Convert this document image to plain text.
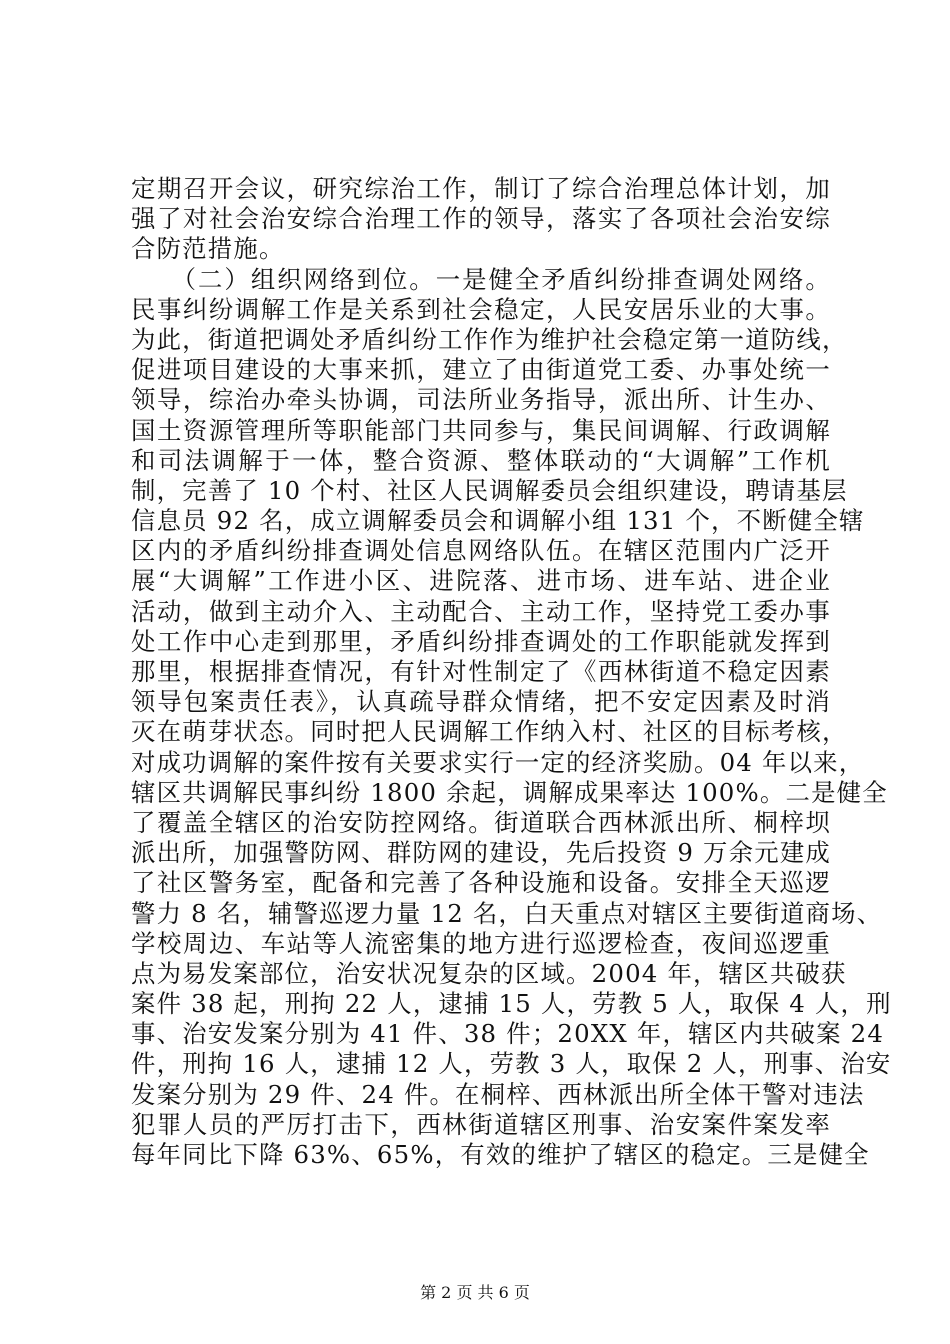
定期召开会议，研究综治工作，制订了综合治理总体计划，加
强了对社会治安综合治理工作的领导，落实了各项社会治安综
合防范措施。
　　（二）组织网络到位。一是健全矛盾纠纷排查调处网络。
民事纠纷调解工作是关系到社会稳定，人民安居乐业的大事。
为此，街道把调处矛盾纠纷工作作为维护社会稳定第一道防线，
促进项目建设的大事来抓，建立了由街道党工委、办事处统一
领导，综治办牵头协调，司法所业务指导，派出所、计生办、
国土资源管理所等职能部门共同参与，集民间调解、行政调解
和司法调解于一体，整合资源、整体联动的“大调解”工作机
制，完善了 10 个村、社区人民调解委员会组织建设，聘请基层
信息员 92 名，成立调解委员会和调解小组 131 个，不断健全辖
区内的矛盾纠纷排查调处信息网络队伍。在辖区范围内广泛开
展“大调解”工作进小区、进院落、进市场、进车站、进企业
活动，做到主动介入、主动配合、主动工作，坚持党工委办事
处工作中心走到那里，矛盾纠纷排查调处的工作职能就发挥到
那里，根据排查情况，有针对性制定了《西林街道不稳定因素
领导包案责任表》，认真疏导群众情绪，把不安定因素及时消
灭在萌芽状态。同时把人民调解工作纳入村、社区的目标考核，
对成功调解的案件按有关要求实行一定的经济奖励。04 年以来，
辖区共调解民事纠纷 1800 余起，调解成果率达 100%。二是健全
了覆盖全辖区的治安防控网络。街道联合西林派出所、桐梓坝
派出所，加强警防网、群防网的建设，先后投资 9 万余元建成
了社区警务室，配备和完善了各种设施和设备。安排全天巡逻
警力 8 名，辅警巡逻力量 12 名，白天重点对辖区主要街道商场、
学校周边、车站等人流密集的地方进行巡逻检查，夜间巡逻重
点为易发案部位，治安状况复杂的区域。2004 年，辖区共破获
案件 38 起，刑拘 22 人，逮捕 15 人，劳教 5 人，取保 4 人，刑
事、治安发案分别为 41 件、38 件；20XX 年，辖区内共破案 24
件，刑拘 16 人，逮捕 12 人，劳教 3 人，取保 2 人，刑事、治安
发案分别为 29 件、24 件。在桐梓、西林派出所全体干警对违法
犯罪人员的严厉打击下，西林街道辖区刑事、治安案件案发率
每年同比下降 63%、65%，有效的维护了辖区的稳定。三是健全
第 2 页 共 6 页
